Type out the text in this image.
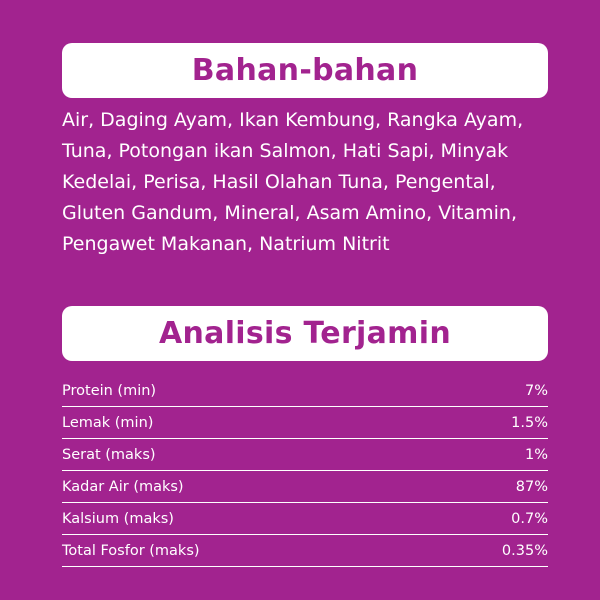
Bahan-bahan

Air, Daging Ayam, Ikan Kembung, Rangka Ayam, Tuna, Potongan ikan Salmon, Hati Sapi, Minyak Kedelai, Perisa, Hasil Olahan Tuna, Pengental, Gluten Gandum, Mineral, Asam Amino, Vitamin, Pengawet Makanan, Natrium Nitrit

Analisis Terjamin
Protein (min)	7%
Lemak (min)	1.5%
Serat (maks)	1%
Kadar Air (maks)	87%
Kalsium (maks)	0.7%
Total Fosfor (maks)	0.35%
